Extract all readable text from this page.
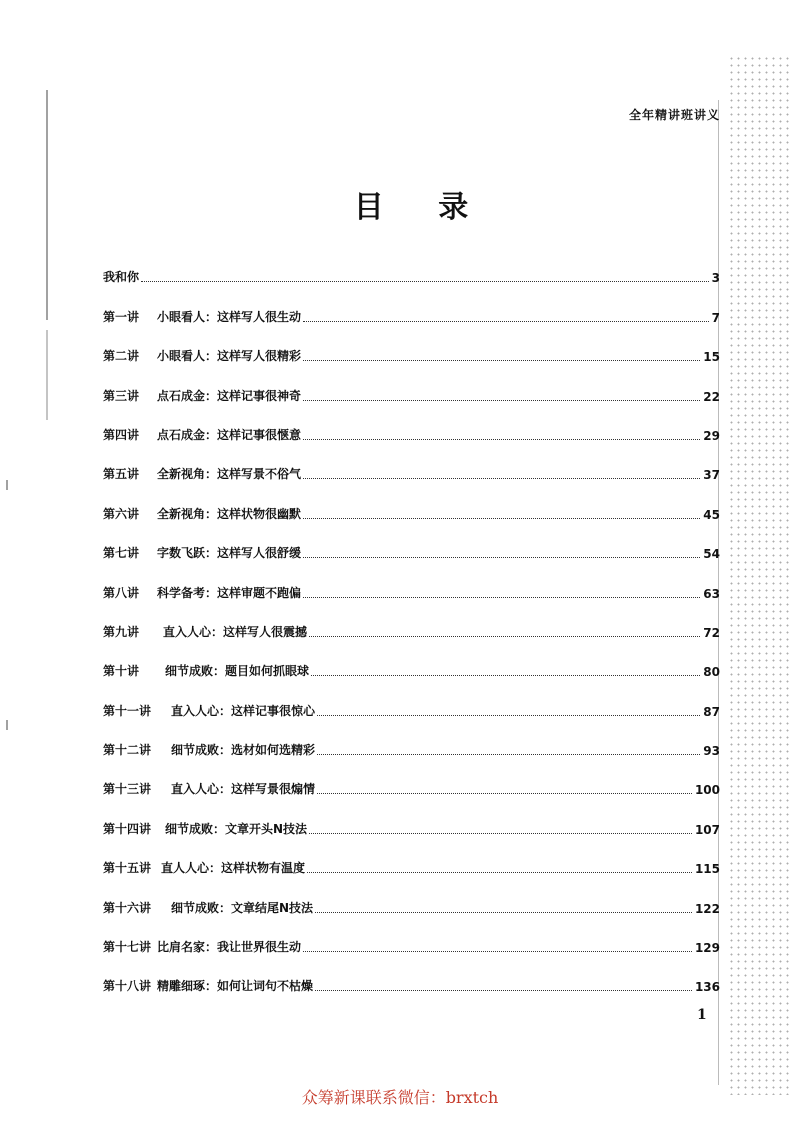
全年精讲班讲义
目 录
我和你	3
第一讲 小眼看人：这样写人很生动	7
第二讲 小眼看人：这样写人很精彩	15
第三讲 点石成金：这样记事很神奇	22
第四讲 点石成金：这样记事很惬意	29
第五讲 全新视角：这样写景不俗气	37
第六讲 全新视角：这样状物很幽默	45
第七讲 字数飞跃：这样写人很舒缓	54
第八讲 科学备考：这样审题不跑偏	63
第九讲 直入人心：这样写人很震撼	72
第十讲 细节成败：题目如何抓眼球	80
第十一讲 直入人心：这样记事很惊心	87
第十二讲 细节成败：选材如何选精彩	93
第十三讲 直入人心：这样写景很煽情	100
第十四讲 细节成败：文章开头N技法	107
第十五讲 直人人心：这样状物有温度	115
第十六讲 细节成败：文章结尾N技法	122
第十七讲 比肩名家：我让世界很生动	129
第十八讲 精雕细琢：如何让词句不枯燥	136
1
众筹新课联系微信：brxtch
